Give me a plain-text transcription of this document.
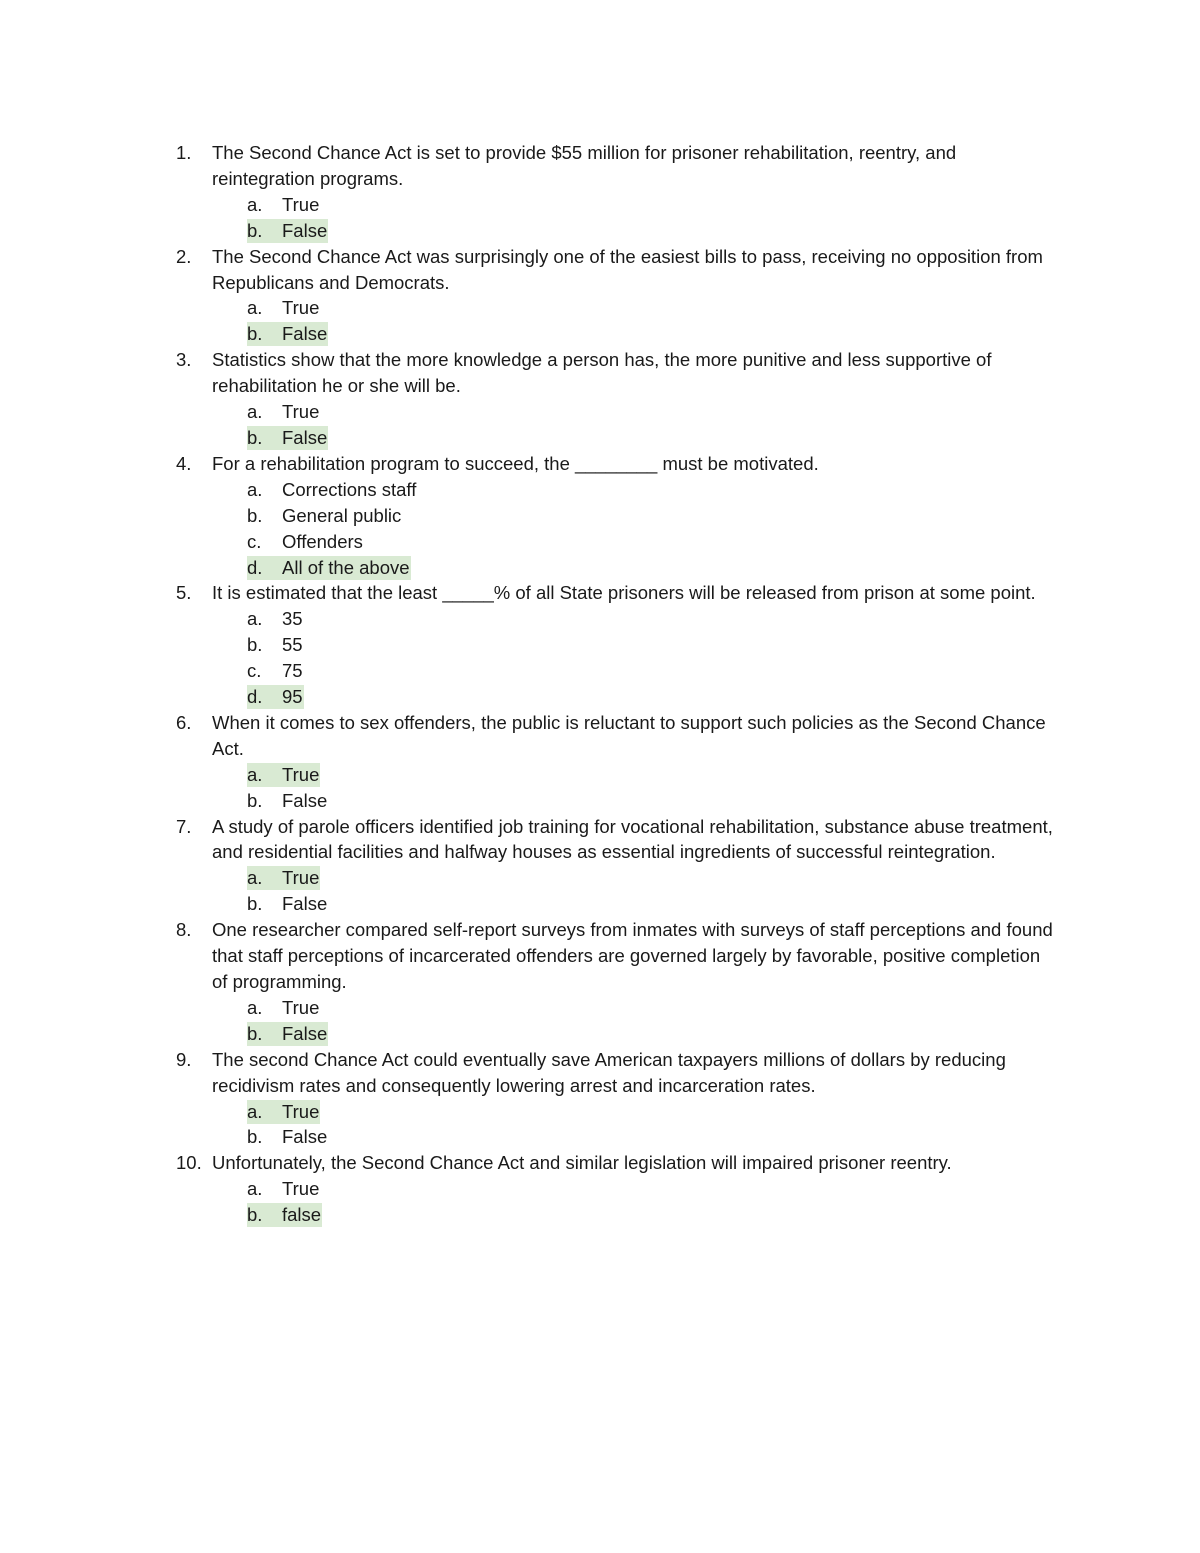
1.	The Second Chance Act is set to provide $55 million for prisoner rehabilitation, reentry, and reintegration programs.
a. True
b. False
2.	The Second Chance Act was surprisingly one of the easiest bills to pass, receiving no opposition from Republicans and Democrats.
a. True
b. False
3.	Statistics show that the more knowledge a person has, the more punitive and less supportive of rehabilitation he or she will be.
a. True
b. False
4.	For a rehabilitation program to succeed, the ________ must be motivated.
a. Corrections staff
b. General public
c. Offenders
d. All of the above
5.	It is estimated that the least _____% of all State prisoners will be released from prison at some point.
a. 35
b. 55
c. 75
d. 95
6.	When it comes to sex offenders, the public is reluctant to support such policies as the Second Chance Act.
a. True
b. False
7.	A study of parole officers identified job training for vocational rehabilitation, substance abuse treatment, and residential facilities and halfway houses as essential ingredients of successful reintegration.
a. True
b. False
8.	One researcher compared self-report surveys from inmates with surveys of staff perceptions and found that staff perceptions of incarcerated offenders are governed largely by favorable, positive completion of programming.
a. True
b. False
9.	The second Chance Act could eventually save American taxpayers millions of dollars by reducing recidivism rates and consequently lowering arrest and incarceration rates.
a. True
b. False
10. Unfortunately, the Second Chance Act and similar legislation will impaired prisoner reentry.
a. True
b. false
